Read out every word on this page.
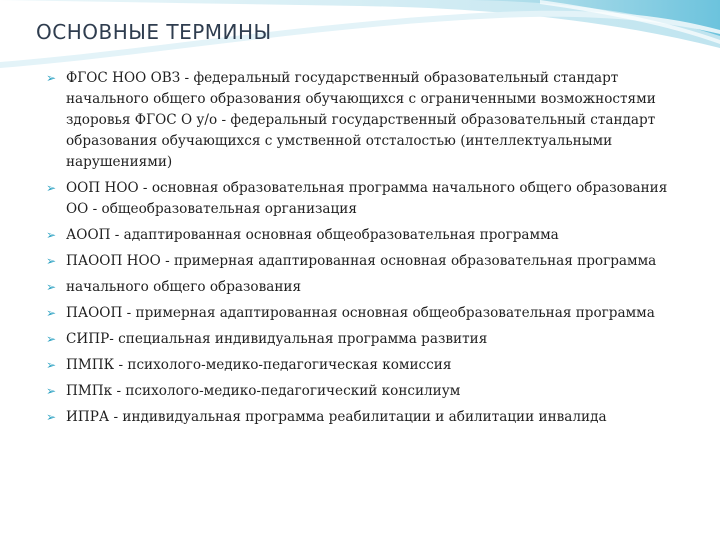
ОСНОВНЫЕ ТЕРМИНЫ
➢ ФГОС НОО ОВЗ - федеральный государственный образовательный стандарт начального общего образования обучающихся с ограниченными возможностями здоровья ФГОС О у/о - федеральный государственный образовательный стандарт образования обучающихся с умственной отсталостью (интеллектуальными нарушениями)
➢ ООП НОО - основная образовательная программа начального общего образования ОО - общеобразовательная организация
➢ АООП - адаптированная основная общеобразовательная программа
➢ ПАООП НОО - примерная адаптированная основная образовательная программа
➢ начального общего образования
➢ ПАООП - примерная адаптированная основная общеобразовательная программа
➢ СИПР- специальная индивидуальная программа развития
➢ ПМПК - психолого-медико-педагогическая комиссия
➢ ПМПк - психолого-медико-педагогический консилиум
➢ ИПРА - индивидуальная программа реабилитации и абилитации инвалида
